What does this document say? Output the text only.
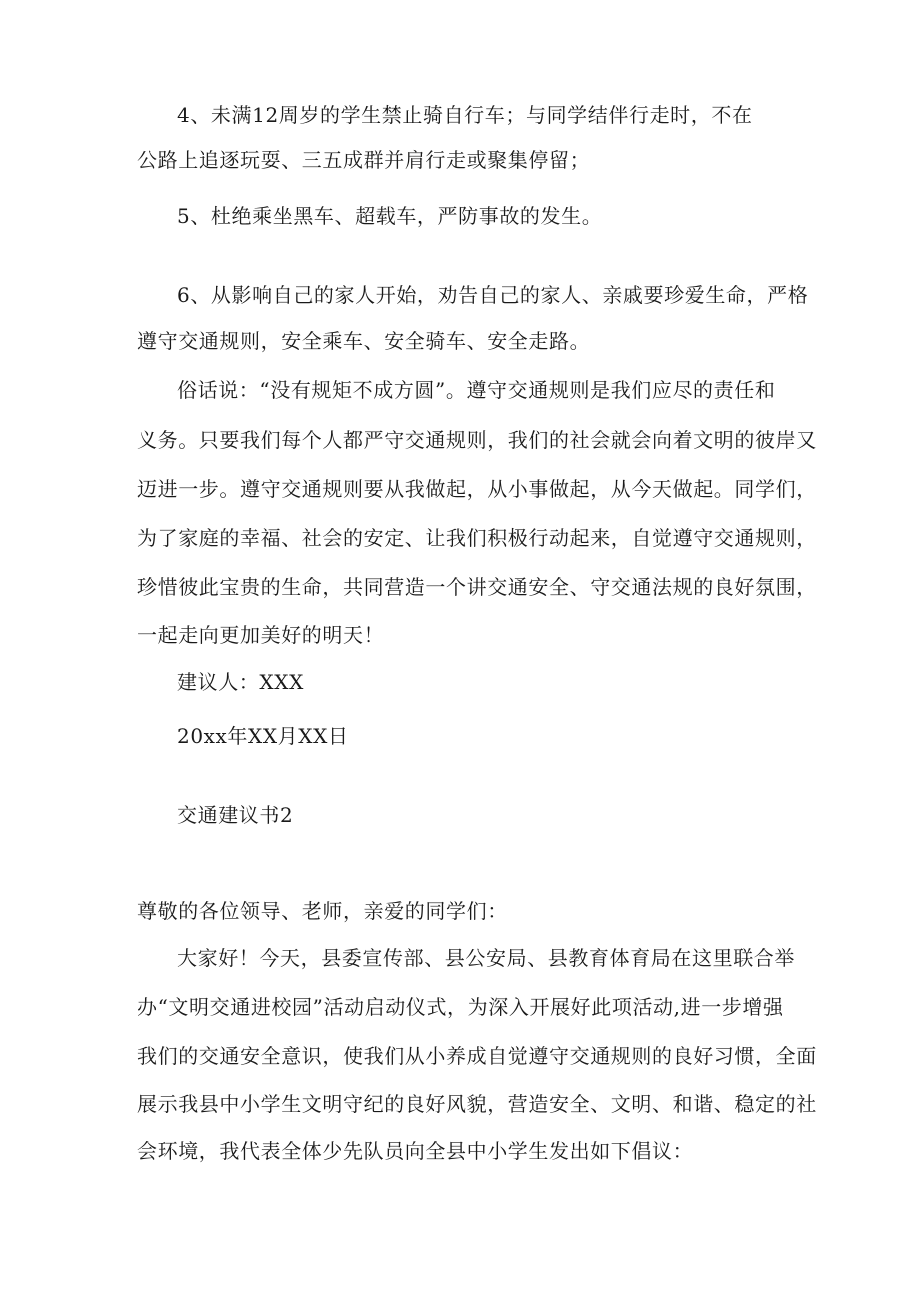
4、未满12周岁的学生禁止骑自行车；与同学结伴行走时，不在
公路上追逐玩耍、三五成群并肩行走或聚集停留；
5、杜绝乘坐黑车、超载车，严防事故的发生。
6、从影响自己的家人开始，劝告自己的家人、亲戚要珍爱生命，严格
遵守交通规则，安全乘车、安全骑车、安全走路。
俗话说：“没有规矩不成方圆”。遵守交通规则是我们应尽的责任和
义务。只要我们每个人都严守交通规则，我们的社会就会向着文明的彼岸又
迈进一步。遵守交通规则要从我做起，从小事做起，从今天做起。同学们，
为了家庭的幸福、社会的安定、让我们积极行动起来，自觉遵守交通规则，
珍惜彼此宝贵的生命，共同营造一个讲交通安全、守交通法规的良好氛围，
一起走向更加美好的明天！
建议人：XXX
20xx年XX月XX日
交通建议书2
尊敬的各位领导、老师，亲爱的同学们：
大家好！今天，县委宣传部、县公安局、县教育体育局在这里联合举
办“文明交通进校园”活动启动仪式，为深入开展好此项活动,进一步增强
我们的交通安全意识，使我们从小养成自觉遵守交通规则的良好习惯，全面
展示我县中小学生文明守纪的良好风貌，营造安全、文明、和谐、稳定的社
会环境，我代表全体少先队员向全县中小学生发出如下倡议：
